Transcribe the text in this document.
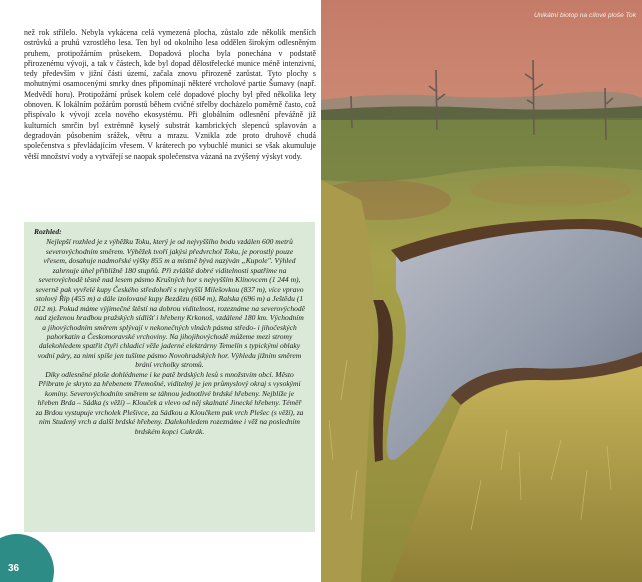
než rok střílelo. Nebyla vykácena celá vymezená plocha, zůstalo zde několik menších ostrůvků a pruhů vzrostlého lesa. Ten byl od okolního lesa oddělen širokým odlesněným pruhem, protipožárním průsekem. Dopadová plocha byla ponechána v podstatě přirozenému vývoji, a tak v částech, kde byl dopad dělostřelecké munice méně intenzivní, tedy především v jižní části území, začala znovu přirozeně zarůstat. Tyto plochy s mohutnými osamocenými smrky dnes připomínají některé vrcholové partie Šumavy (např. Medvědí horu). Protipožární průsek kolem celé dopadové plochy byl před několika lety obnoven. K lokálním požárům porostů během cvičné střelby docházelo poměrně často, což přispívalo k vývoji zcela nového ekosystému. Při globálním odlesnění převážně již kulturních smrčin byl extrémně kyselý substrát kambrických slepenců splavován a degradován působením srážek, větru a mrazu. Vznikla zde proto druhově chudá společenstva s převládajícím vřesem. V kráterech po vybuchlé munici se však akumuluje větší množství vody a vytvářejí se naopak společenstva vázaná na zvýšený výskyt vody.
Rozhled:
Nejlepší rozhled je z výběžku Toku, který je od nejvyššího bodu vzdálen 600 metrů severovýchodním směrem. Výběžek tvoří jakýsi předvrchol Toku, je porostlý pouze vřesem, dosahuje nadmořské výšky 855 m a místně bývá nazýván „Kupole". Výhled zahrnuje úhel přibližně 180 stupňů. Při zvláště dobré viditelnosti spatříme na severovýchodě těsně nad lesem pásmo Krušných hor s nejvyšším Klínovcem (1 244 m), severně pak vyvřelé kupy Českého středohoří s nejvyšší Milešovkou (837 m), více vpravo stolový Říp (455 m) a dále izolované kupy Bezdězu (604 m), Ralska (696 m) a Ještědu (1 012 m). Pokud máme výjimečné štěstí na dobrou viditelnost, rozeznáme na severovýchodě nad zježenou hradbou pražských sídlišť i hřebeny Krkonoš, vzdálené 180 km. Východním a jihovýchodním směrem splývají v nekonečných vlnách pásma středo- i jihočeských pahorkatin a Českomoravské vrchoviny. Na jihojihovýchodě můžeme mezi stromy dalekohledem spatřit čtyři chladicí věže jaderné elektrárny Temelín s typickými oblaky vodní páry, za nimi spíše jen tušíme pásmo Novohradských hor. Výhledu jižním směrem brání vrcholky stromů.
Díky odlesněné ploše dohlédneme i ke patě brdských lesů s množstvím obcí. Město Příbram je skryto za hřebenem Třemošné, viditelný je jen průmyslový okraj s vysokými komíny. Severovýchodním směrem se táhnou jednotlivé brdské hřebeny. Nejblíže je hřeben Brda – Sádka (s věží) – Klouček a vlevo od něj skalnaté Jinecké hřebeny. Téměř za Brdou vystupuje vrcholek Plešivce, za Sádkou a Kloučkem pak vrch Plešec (s věží), za ním Studený vrch a další brdské hřebeny. Dalekohledem rozeznáme i věž na posledním brdském kopci Cukrák.
36
Unikátní biotop na cílové ploše Tok
